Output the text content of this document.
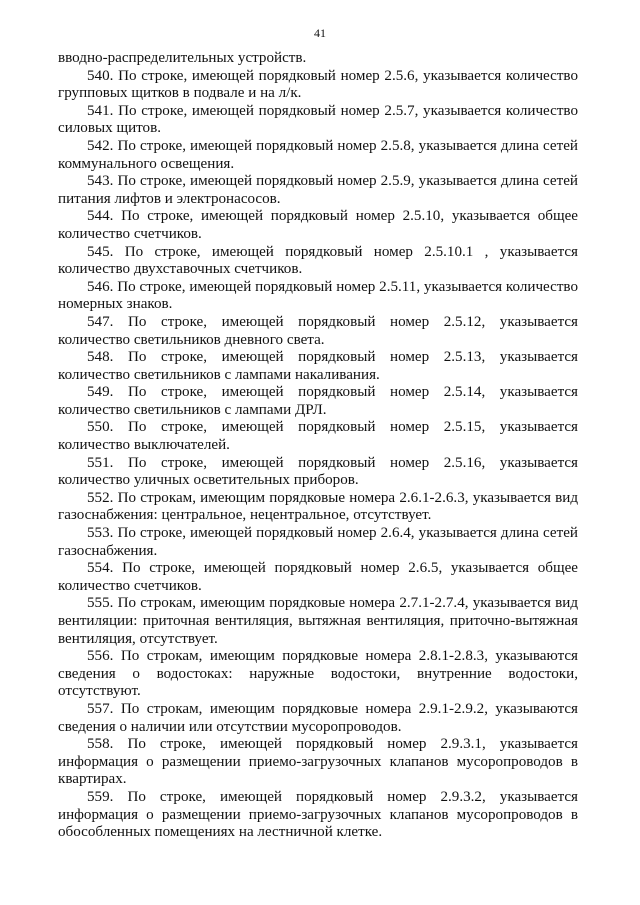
41

вводно-распределительных устройств.

540. По строке, имеющей порядковый номер 2.5.6, указывается количество групповых щитков в подвале и на л/к.

541. По строке, имеющей порядковый номер 2.5.7, указывается количество силовых щитов.

542. По строке, имеющей порядковый номер 2.5.8, указывается длина сетей коммунального освещения.

543. По строке, имеющей порядковый номер 2.5.9, указывается длина сетей питания лифтов и электронасосов.

544. По строке, имеющей порядковый номер 2.5.10, указывается общее количество счетчиков.

545. По строке, имеющей порядковый номер 2.5.10.1 , указывается количество двухставочных счетчиков.

546. По строке, имеющей порядковый номер 2.5.11, указывается количество номерных знаков.

547. По строке, имеющей порядковый номер 2.5.12, указывается количество светильников дневного света.

548. По строке, имеющей порядковый номер 2.5.13, указывается количество светильников с лампами накаливания.

549. По строке, имеющей порядковый номер 2.5.14, указывается количество светильников с лампами ДРЛ.

550. По строке, имеющей порядковый номер 2.5.15, указывается количество выключателей.

551. По строке, имеющей порядковый номер 2.5.16, указывается количество уличных осветительных приборов.

552. По строкам, имеющим порядковые номера 2.6.1-2.6.3, указывается вид газоснабжения: центральное, нецентральное, отсутствует.

553. По строке, имеющей порядковый номер 2.6.4, указывается длина сетей газоснабжения.

554. По строке, имеющей порядковый номер 2.6.5, указывается общее количество счетчиков.

555. По строкам, имеющим порядковые номера 2.7.1-2.7.4, указывается вид вентиляции: приточная вентиляция, вытяжная вентиляция, приточно-вытяжная вентиляция, отсутствует.

556. По строкам, имеющим порядковые номера 2.8.1-2.8.3, указываются сведения о водостоках: наружные водостоки, внутренние водостоки, отсутствуют.

557. По строкам, имеющим порядковые номера 2.9.1-2.9.2, указываются сведения о наличии или отсутствии мусоропроводов.

558. По строке, имеющей порядковый номер 2.9.3.1, указывается информация о размещении приемо-загрузочных клапанов мусоропроводов в квартирах.

559. По строке, имеющей порядковый номер 2.9.3.2, указывается информация о размещении приемо-загрузочных клапанов мусоропроводов в обособленных помещениях на лестничной клетке.
